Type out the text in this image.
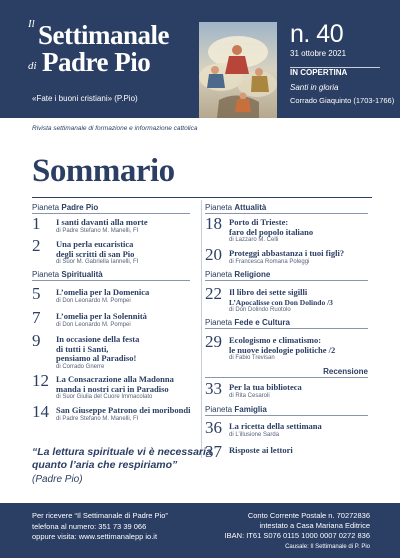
Il Settimanale
di Padre Pio
«Fate i buoni cristiani» (P.Pio)
n. 40
31 ottobre 2021
IN COPERTINA
Santi in gloria
Corrado Giaquinto (1703-1766)
Rivista settimanale di formazione e informazione cattolica
Sommario
Pianeta Padre Pio
1 I santi davanti alla morte
di Padre Stefano M. Manelli, FI
2 Una perla eucaristica
degli scritti di san Pio
di Suor M. Gabriella Iannelli, FI
Pianeta Spiritualità
5 L’omelia per la Domenica
di Don Leonardo M. Pompei
7 L’omelia per la Solennità
di Don Leonardo M. Pompei
9 In occasione della festa
di tutti i Santi,
pensiamo al Paradiso!
di Corrado Gnerre
12 La Consacrazione alla Madonna
manda i nostri cari in Paradiso
di Suor Giulia del Cuore Immacolato
14 San Giuseppe Patrono dei moribondi
di Padre Stefano M. Manelli, FI
Pianeta Attualità
18 Porto di Trieste:
faro del popolo italiano
di Lazzaro M. Celli
20 Proteggi abbastanza i tuoi figli?
di Francesca Romana Poleggi
Pianeta Religione
22 Il libro dei sette sigilli
L’Apocalisse con Don Dolindo /3
di Don Dolindo Ruotolo
Pianeta Fede e Cultura
29 Ecologismo e climatismo:
le nuove ideologie politiche /2
di Fabio Trevisan
Recensione
33 Per la tua biblioteca
di Rita Cesaroli
Pianeta Famiglia
36 La ricetta della settimana
di L’illusione Sarda
37 Risposte ai lettori
“La lettura spirituale vi è necessaria
quanto l’aria che respiriamo”
(Padre Pio)
Per ricevere “Il Settimanale di Padre Pio”
telefona al numero: 351 73 39 066
oppure visita: www.settimanalepp io.it
Conto Corrente Postale n. 70272836
intestato a Casa Mariana Editrice
IBAN: IT61 S076 0115 1000 0007 0272 836
Causale: Il Settimanale di P. Pio
